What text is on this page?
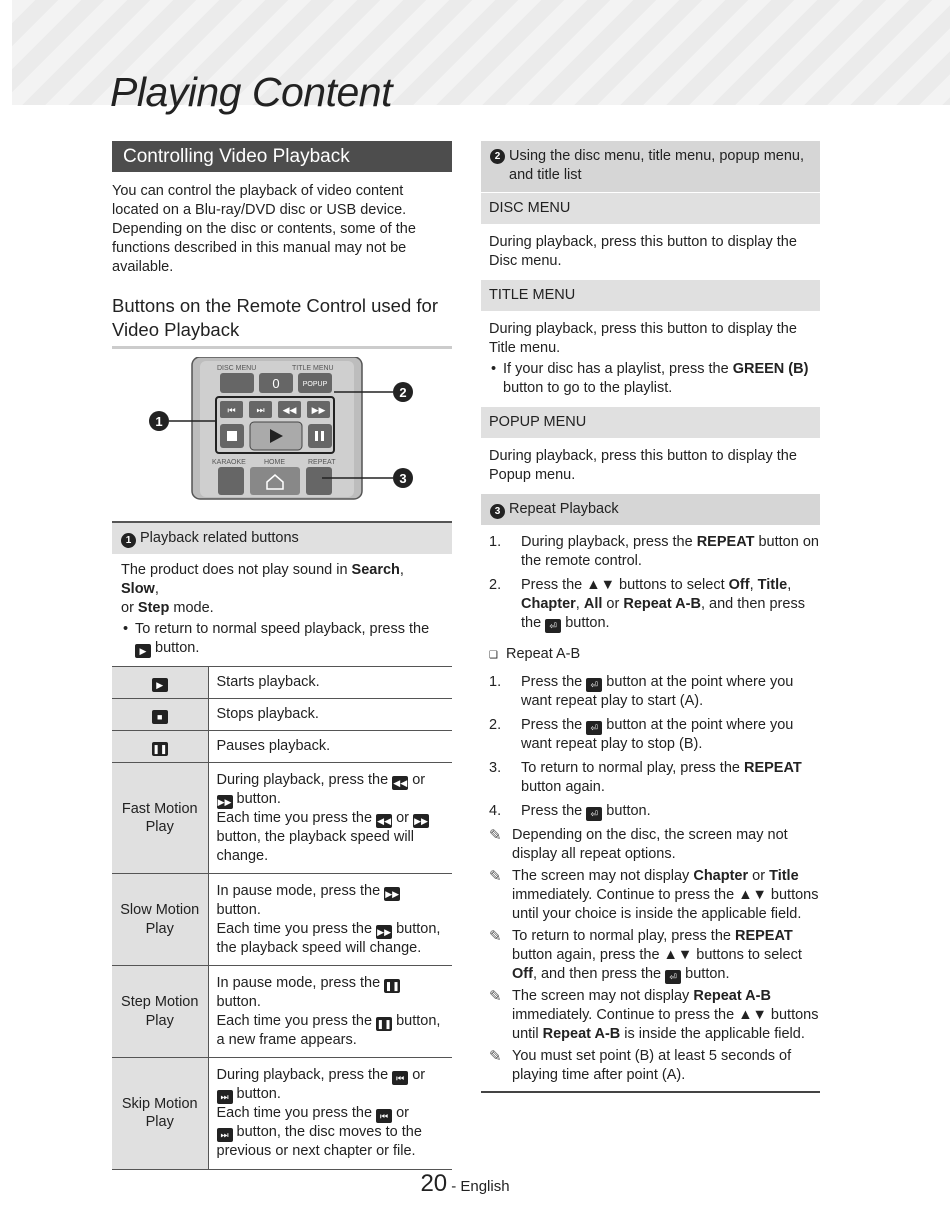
Playing Content
Controlling Video Playback

You can control the playback of video content located on a Blu-ray/DVD disc or USB device. Depending on the disc or contents, some of the functions described in this manual may not be available.

Buttons on the Remote Control used for Video Playback
DISC MENU	TITLE MENU
0	POPUP
⏮ ⏭ ◀◀ ▶▶
KARAOKE	HOME	REPEAT
1
2
3
1 Playback related buttons

The product does not play sound in Search, Slow,
or Step mode.

• To return to normal speed playback, press the
▶ button.

▶	Starts playback.
■	Stops playback.
❚❚	Pauses playback.
Fast Motion Play	During playback, press the ◀◀ or
▶▶ button.
Each time you press the ◀◀ or ▶▶
button, the playback speed will change.
Slow Motion Play	In pause mode, press the ▶▶
button.
Each time you press the ▶▶ button, the playback speed will change.
Step Motion Play	In pause mode, press the ❚❚
button.
Each time you press the ❚❚ button, a new frame appears.
Skip Motion Play	During playback, press the ⏮ or
⏭ button.
Each time you press the ⏮ or
⏭ button, the disc moves to the previous or next chapter or file.
2 Using the disc menu, title menu, popup menu, and title list
DISC MENU
During playback, press this button to display the Disc menu.
TITLE MENU

During playback, press this button to display the Title menu.

• If your disc has a playlist, press the GREEN (B) button to go to the playlist.

POPUP MENU
During playback, press this button to display the Popup menu.
3 Repeat Playback
1. During playback, press the REPEAT button on the remote control.
2. Press the ▲▼ buttons to select Off, Title,
Chapter, All or Repeat A-B, and then press the ⏎ button.

❑ Repeat A-B

1. Press the ⏎ button at the point where you want repeat play to start (A).
2. Press the ⏎ button at the point where you want repeat play to stop (B).
3. To return to normal play, press the REPEAT button again.
4. Press the ⏎ button.

✎ Depending on the disc, the screen may not display all repeat options.

✎ The screen may not display Chapter or Title immediately. Continue to press the ▲▼ buttons until your choice is inside the applicable field.

✎ To return to normal play, press the REPEAT button again, press the ▲▼ buttons to select Off, and then press the ⏎ button.

✎ The screen may not display Repeat A-B immediately. Continue to press the ▲▼ buttons until Repeat A-B is inside the applicable field.

✎ You must set point (B) at least 5 seconds of playing time after point (A).

20 - English
